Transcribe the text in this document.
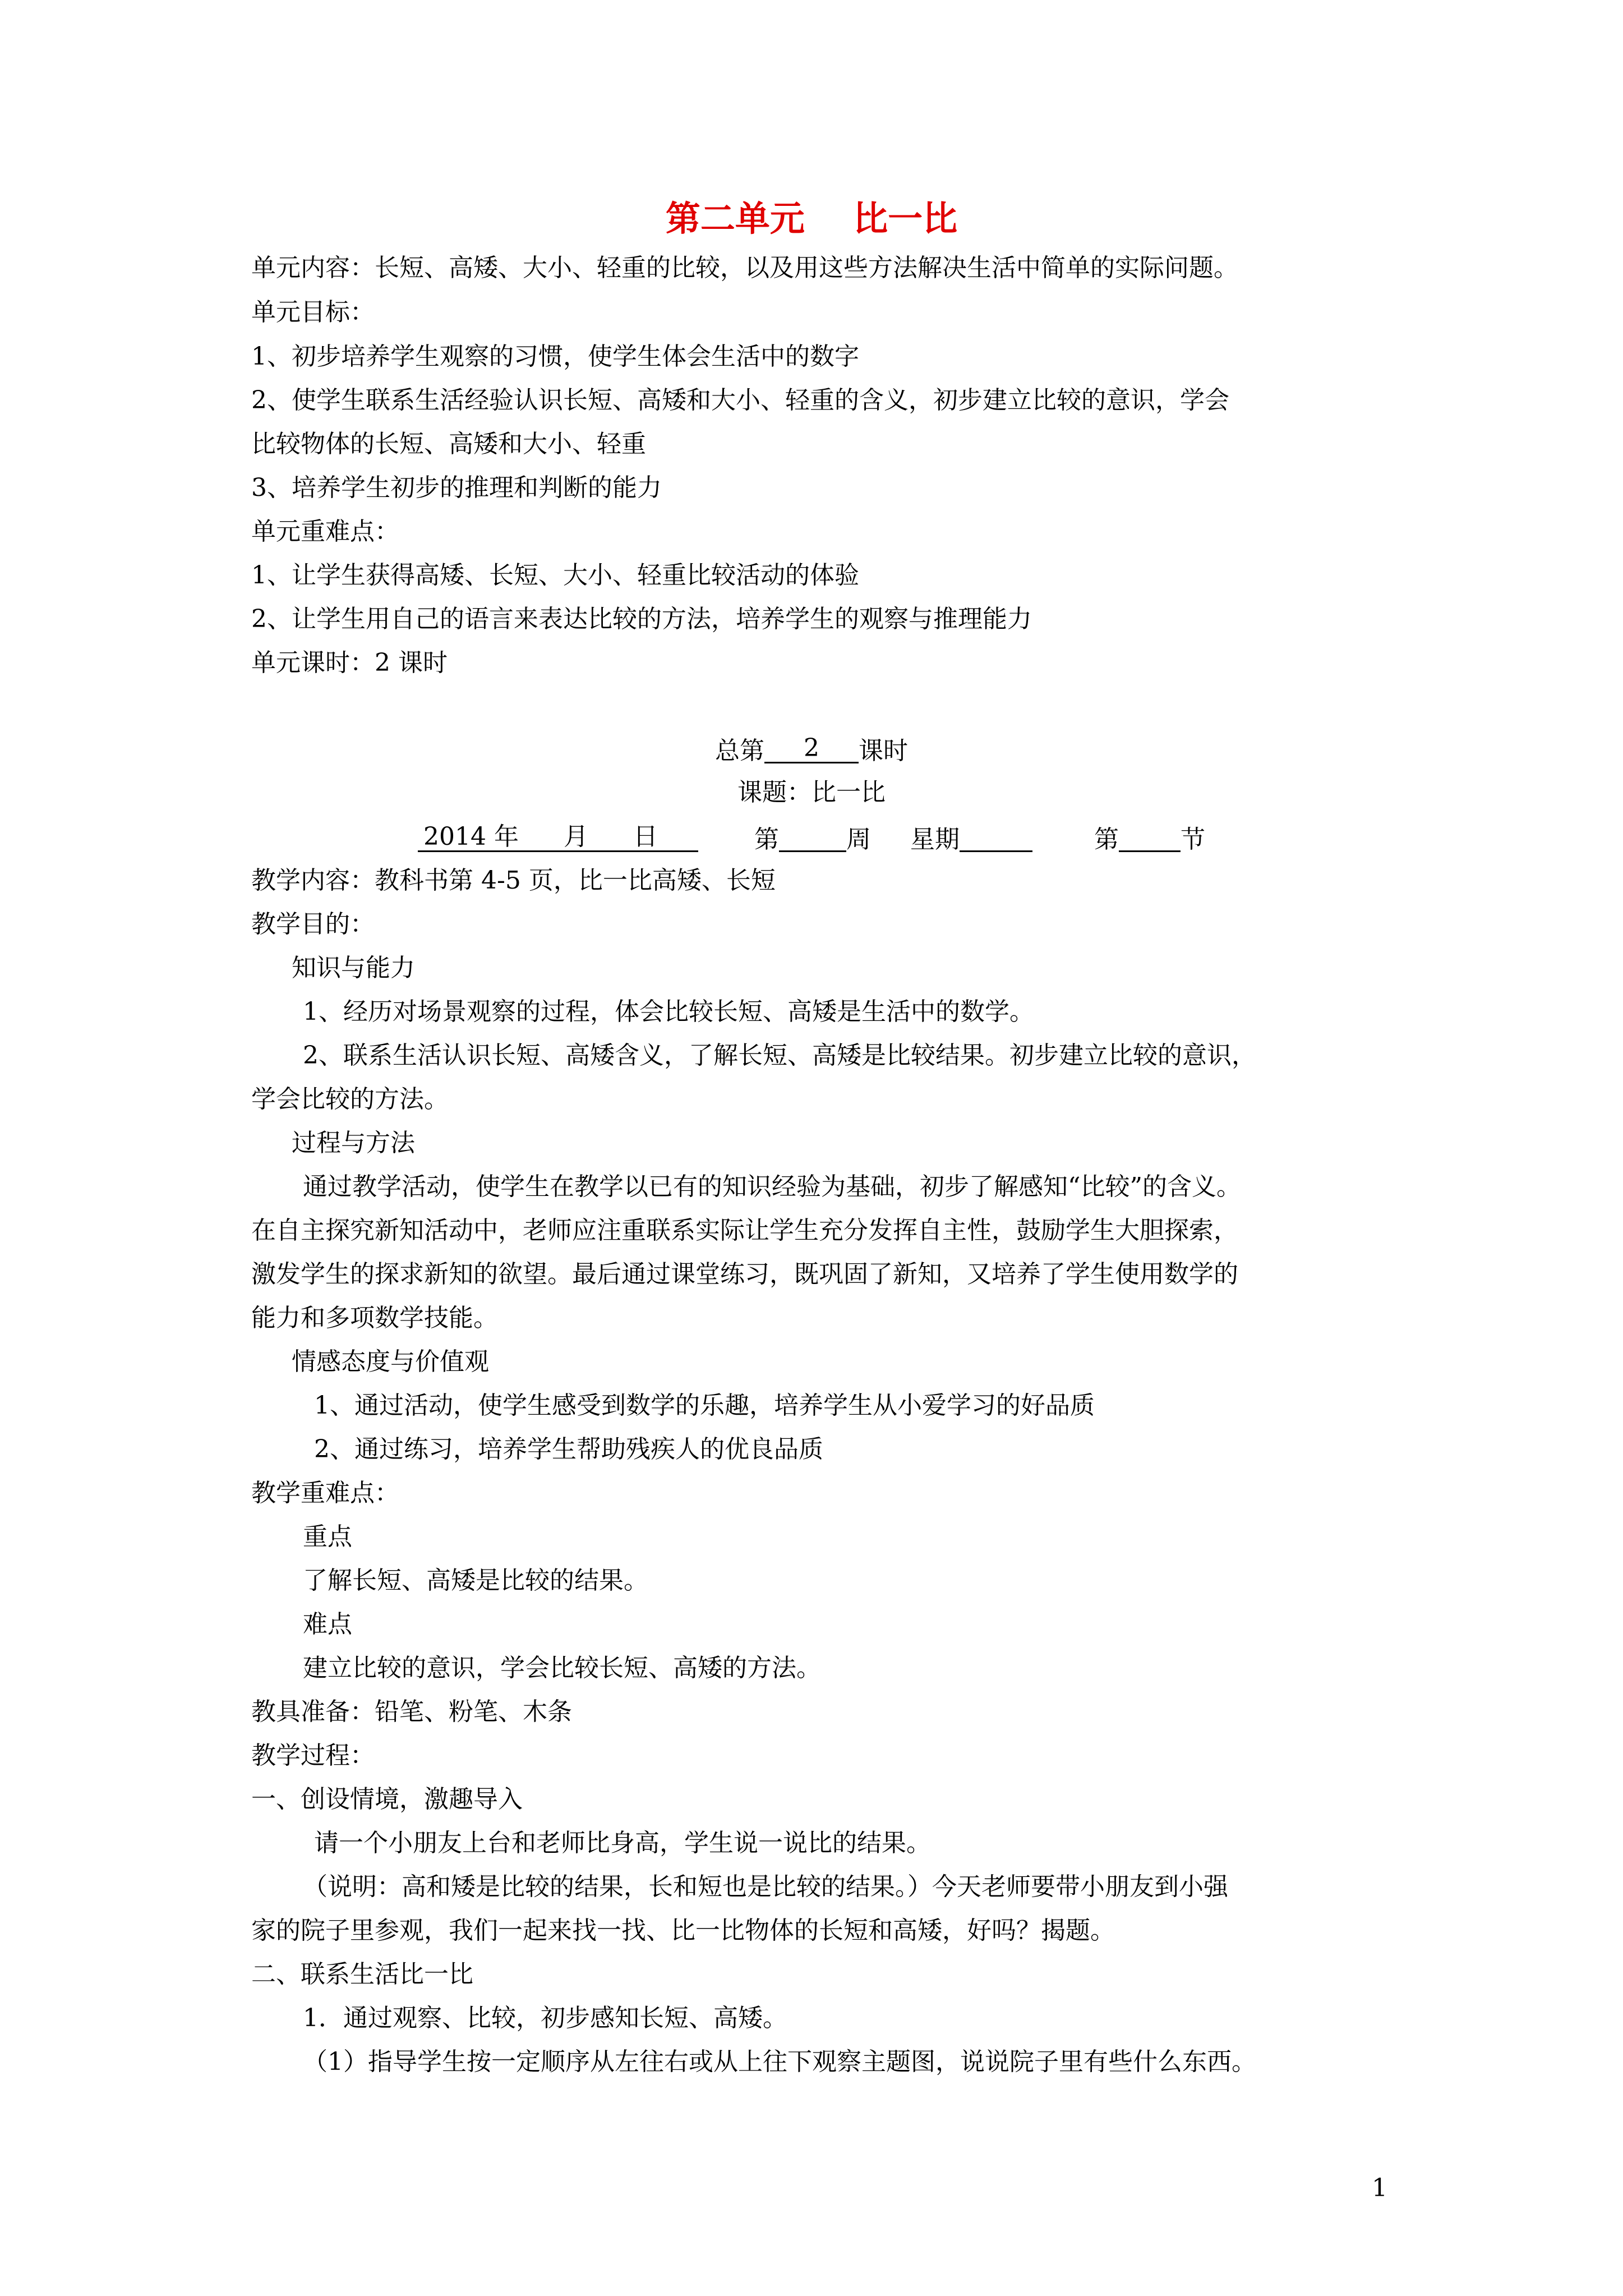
第二单元    比一比
单元内容：长短、高矮、大小、轻重的比较，以及用这些方法解决生活中简单的实际问题。
单元目标：
1、初步培养学生观察的习惯，使学生体会生活中的数字
2、使学生联系生活经验认识长短、高矮和大小、轻重的含义，初步建立比较的意识，学会
比较物体的长短、高矮和大小、轻重
3、培养学生初步的推理和判断的能力
单元重难点：
1、让学生获得高矮、长短、大小、轻重比较活动的体验
2、让学生用自己的语言来表达比较的方法，培养学生的观察与推理能力
单元课时：2 课时
总第 2 课时
课题：比一比
2014 年 月 日	第	周 星期	第	节
教学内容：教科书第 4-5 页，比一比高矮、长短
教学目的：
知识与能力
1、经历对场景观察的过程，体会比较长短、高矮是生活中的数学。
2、联系生活认识长短、高矮含义，了解长短、高矮是比较结果。初步建立比较的意识，
学会比较的方法。
过程与方法
通过教学活动，使学生在教学以已有的知识经验为基础，初步了解感知“比较”的含义。
在自主探究新知活动中，老师应注重联系实际让学生充分发挥自主性，鼓励学生大胆探索，
激发学生的探求新知的欲望。最后通过课堂练习，既巩固了新知，又培养了学生使用数学的
能力和多项数学技能。
情感态度与价值观
1、通过活动，使学生感受到数学的乐趣，培养学生从小爱学习的好品质
2、通过练习，培养学生帮助残疾人的优良品质
教学重难点：
重点
了解长短、高矮是比较的结果。
难点
建立比较的意识，学会比较长短、高矮的方法。
教具准备：铅笔、粉笔、木条
教学过程：
一、创设情境，激趣导入
请一个小朋友上台和老师比身高，学生说一说比的结果。
（说明：高和矮是比较的结果，长和短也是比较的结果。）今天老师要带小朋友到小强
家的院子里参观，我们一起来找一找、比一比物体的长短和高矮，好吗？揭题。
二、联系生活比一比
1．通过观察、比较，初步感知长短、高矮。
（1）指导学生按一定顺序从左往右或从上往下观察主题图，说说院子里有些什么东西。
1
